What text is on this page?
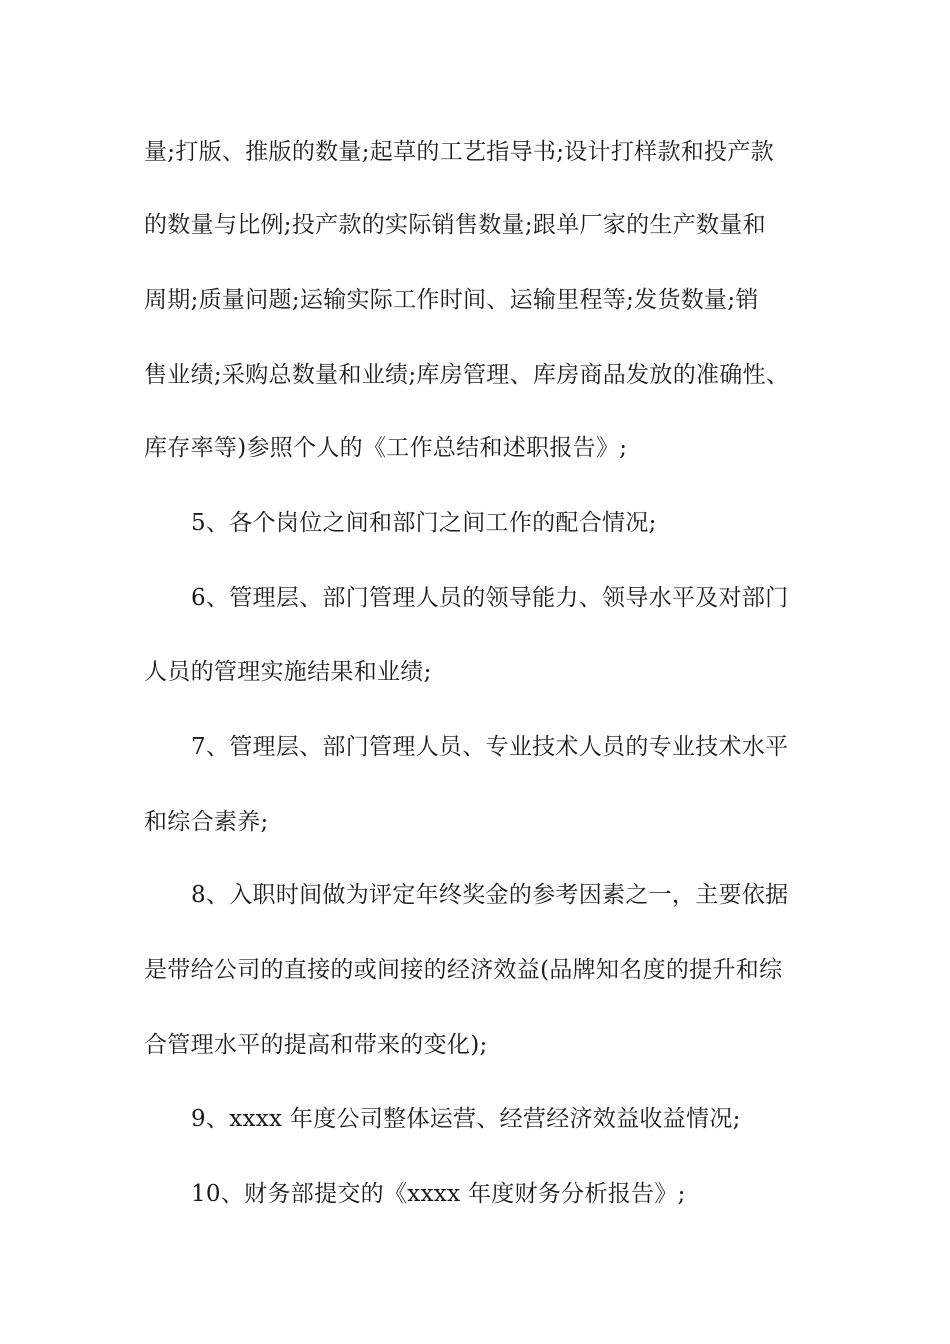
量;打版、推版的数量;起草的工艺指导书;设计打样款和投产款
的数量与比例;投产款的实际销售数量;跟单厂家的生产数量和
周期;质量问题;运输实际工作时间、运输里程等;发货数量;销
售业绩;采购总数量和业绩;库房管理、库房商品发放的准确性、
库存率等)参照个人的《工作总结和述职报告》;
5、各个岗位之间和部门之间工作的配合情况;
6、管理层、部门管理人员的领导能力、领导水平及对部门
人员的管理实施结果和业绩;
7、管理层、部门管理人员、专业技术人员的专业技术水平
和综合素养;
8、入职时间做为评定年终奖金的参考因素之一，主要依据
是带给公司的直接的或间接的经济效益(品牌知名度的提升和综
合管理水平的提高和带来的变化);
9、xxxx 年度公司整体运营、经营经济效益收益情况;
10、财务部提交的《xxxx 年度财务分析报告》;
